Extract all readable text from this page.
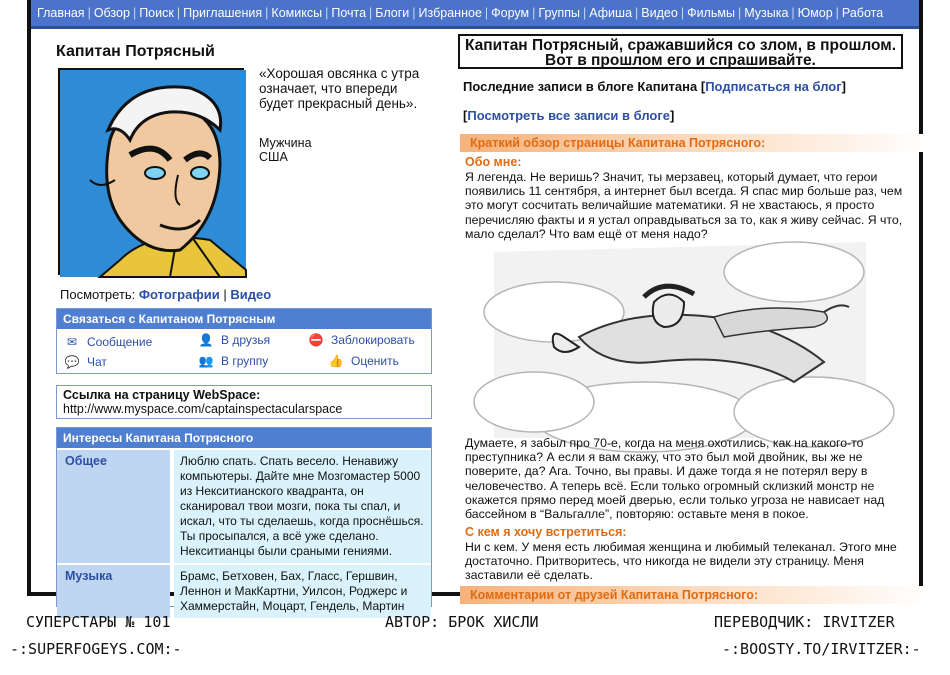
Главная | Обзор | Поиск | Приглашения | Комиксы | Почта | Блоги | Избранное | Форум | Группы | Афиша | Видео | Фильмы | Музыка | Юмор | Работа
Капитан Потрясный
«Хорошая овсянка с утра означает, что впереди будет прекрасный день».
Мужчина
США
Посмотреть: Фотографии | Видео
Связаться с Капитаном Потрясным
✉ Сообщение	👤 В друзья	⛔ Заблокировать
💬 Чат	👥 В группу	👍 Оценить
Ссылка на страницу WebSpace:
http://www.myspace.com/captainspectacularspace
Интересы Капитана Потрясного
Общее	Люблю спать. Спать весело. Ненавижу компьютеры. Дайте мне Мозгомастер 5000 из Некситианского квадранта, он сканировал твои мозги, пока ты спал, и искал, что ты сделаешь, когда проснёшься. Ты просыпался, а всё уже сделано. Некситианцы были сраными гениями.
Музыка	Брамс, Бетховен, Бах, Гласс, Гершвин, Леннон и МакКартни, Уилсон, Роджерс и Хаммерстайн, Моцарт, Гендель, Мартин
Капитан Потрясный, сражавшийся со злом, в прошлом. Вот в прошлом его и спрашивайте.
Последние записи в блоге Капитана [Подписаться на блог]
[Посмотреть все записи в блоге]
Краткий обзор страницы Капитана Потрясного:
Обо мне:
Я легенда. Не веришь? Значит, ты мерзавец, который думает, что герои появились 11 сентября, а интернет был всегда. Я спас мир больше раз, чем это могут сосчитать величайшие математики. Я не хвастаюсь, я просто перечисляю факты и я устал оправдываться за то, как я живу сейчас. Я что, мало сделал? Что вам ещё от меня надо?
Думаете, я забыл про 70-е, когда на меня охотились, как на какого-то преступника? А если я вам скажу, что это был мой двойник, вы же не поверите, да? Ага. Точно, вы правы. И даже тогда я не потерял веру в человечество. А теперь всё. Если только огромный склизкий монстр не окажется прямо перед моей дверью, если только угроза не нависает над бассейном в “Вальгалле”, повторяю: оставьте меня в покое.
С кем я хочу встретиться:
Ни с кем. У меня есть любимая женщина и любимый телеканал. Этого мне достаточно. Притворитесь, что никогда не видели эту страницу. Меня заставили её сделать.
Комментарии от друзей Капитана Потрясного:
СУПЕРСТАРЫ № 101	АВТОР: БРОК ХИСЛИ	ПЕРЕВОДЧИК: IRVITZER
-:SUPERFOGEYS.COM:-	-:BOOSTY.TO/IRVITZER:-
